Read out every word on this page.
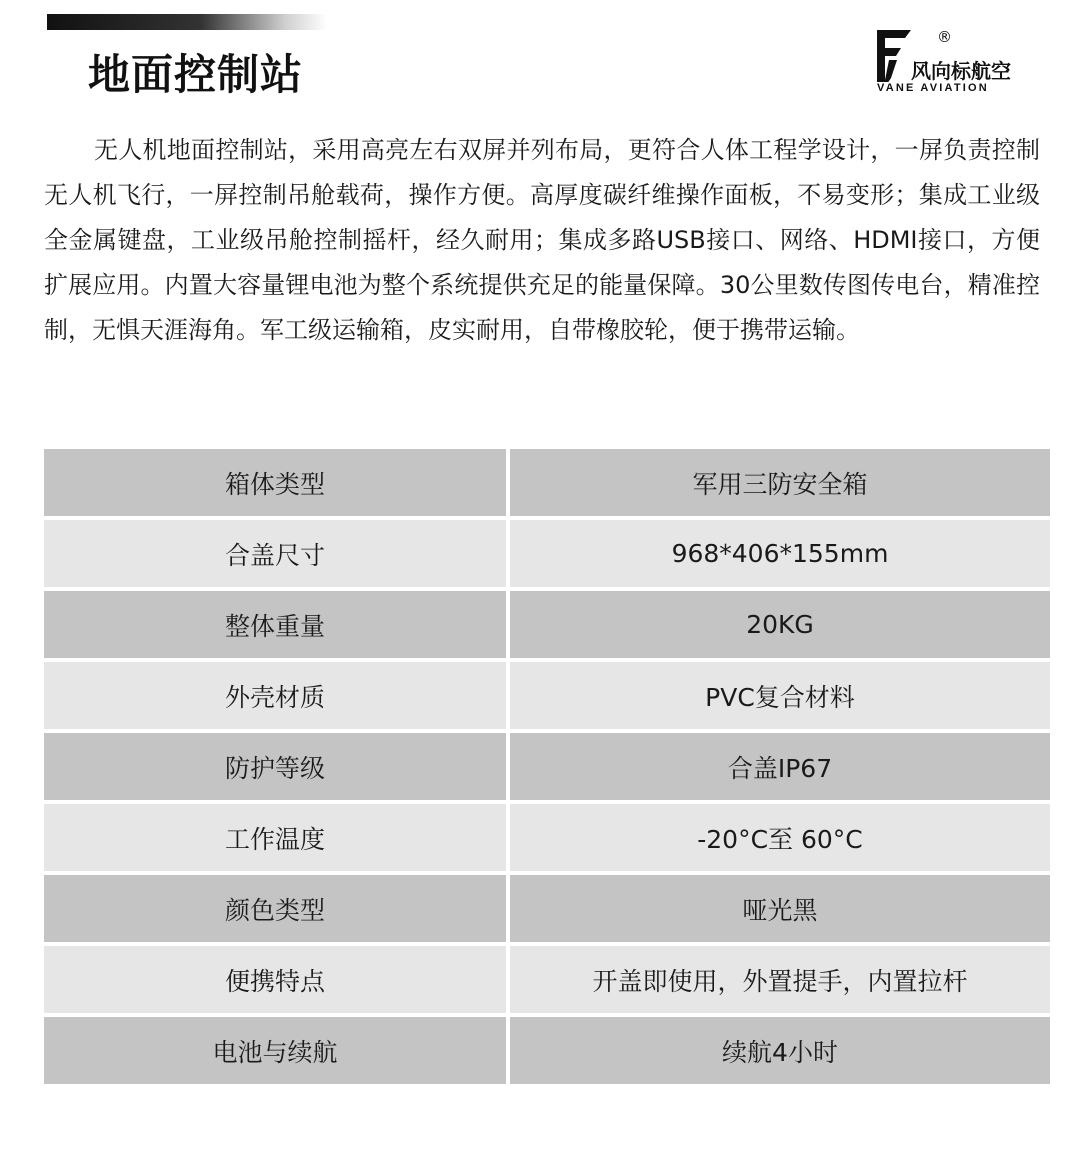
地面控制站
®
风向标航空
VANE AVIATION

无人机地面控制站，采用高亮左右双屏并列布局，更符合人体工程学设计，一屏负责控制无人机飞行，一屏控制吊舱载荷，操作方便。高厚度碳纤维操作面板，不易变形；集成工业级全金属键盘，工业级吊舱控制摇杆，经久耐用；集成多路USB接口、网络、HDMI接口，方便扩展应用。内置大容量锂电池为整个系统提供充足的能量保障。30公里数传图传电台，精准控制，无惧天涯海角。军工级运输箱，皮实耐用，自带橡胶轮，便于携带运输。

箱体类型	军用三防安全箱
合盖尺寸	968*406*155mm
整体重量	20KG
外壳材质	PVC复合材料
防护等级	合盖IP67
工作温度	-20°C至 60°C
颜色类型	哑光黑
便携特点	开盖即使用，外置提手，内置拉杆
电池与续航	续航4小时
